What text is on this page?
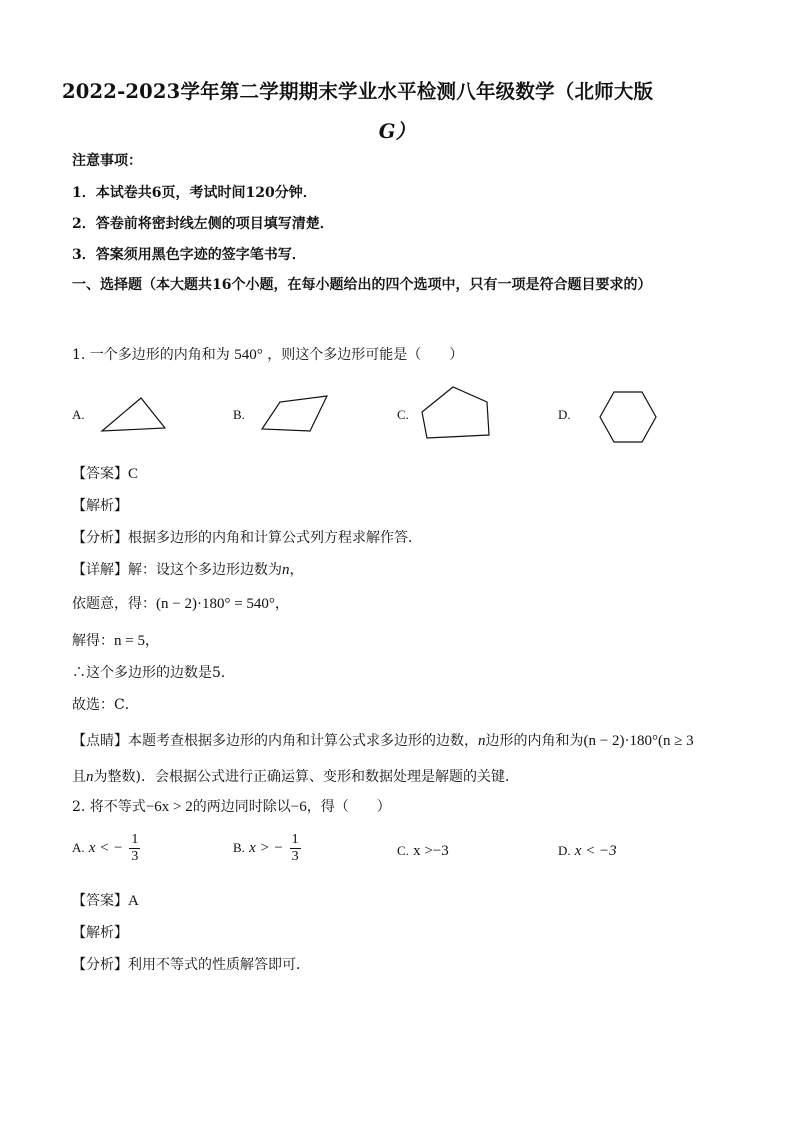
2022-2023学年第二学期期末学业水平检测八年级数学（北师大版
G）
注意事项：
1．本试卷共6页，考试时间120分钟．
2．答卷前将密封线左侧的项目填写清楚．
3．答案须用黑色字迹的签字笔书写．
一、选择题（本大题共16个小题，在每小题给出的四个选项中，只有一项是符合题目要求的）
1. 一个多边形的内角和为 540° ，则这个多边形可能是（　　）
A.	B.	C.	D.
【答案】C
【解析】
【分析】根据多边形的内角和计算公式列方程求解作答．
【详解】解：设这个多边形边数为n，
依题意，得：(n − 2)·180° = 540°，
解得：n = 5，
∴这个多边形的边数是5．
故选：C．
【点睛】本题考查根据多边形的内角和计算公式求多边形的边数，n边形的内角和为(n − 2)·180°(n ≥ 3
且n为整数)．会根据公式进行正确运算、变形和数据处理是解题的关键．
2. 将不等式−6x > 2的两边同时除以−6，得（　　）
A. x < − $\frac{1}{3}$	B. x > − $\frac{1}{3}$	C. x >−3	D. x < −3
【答案】A
【解析】
【分析】利用不等式的性质解答即可．
